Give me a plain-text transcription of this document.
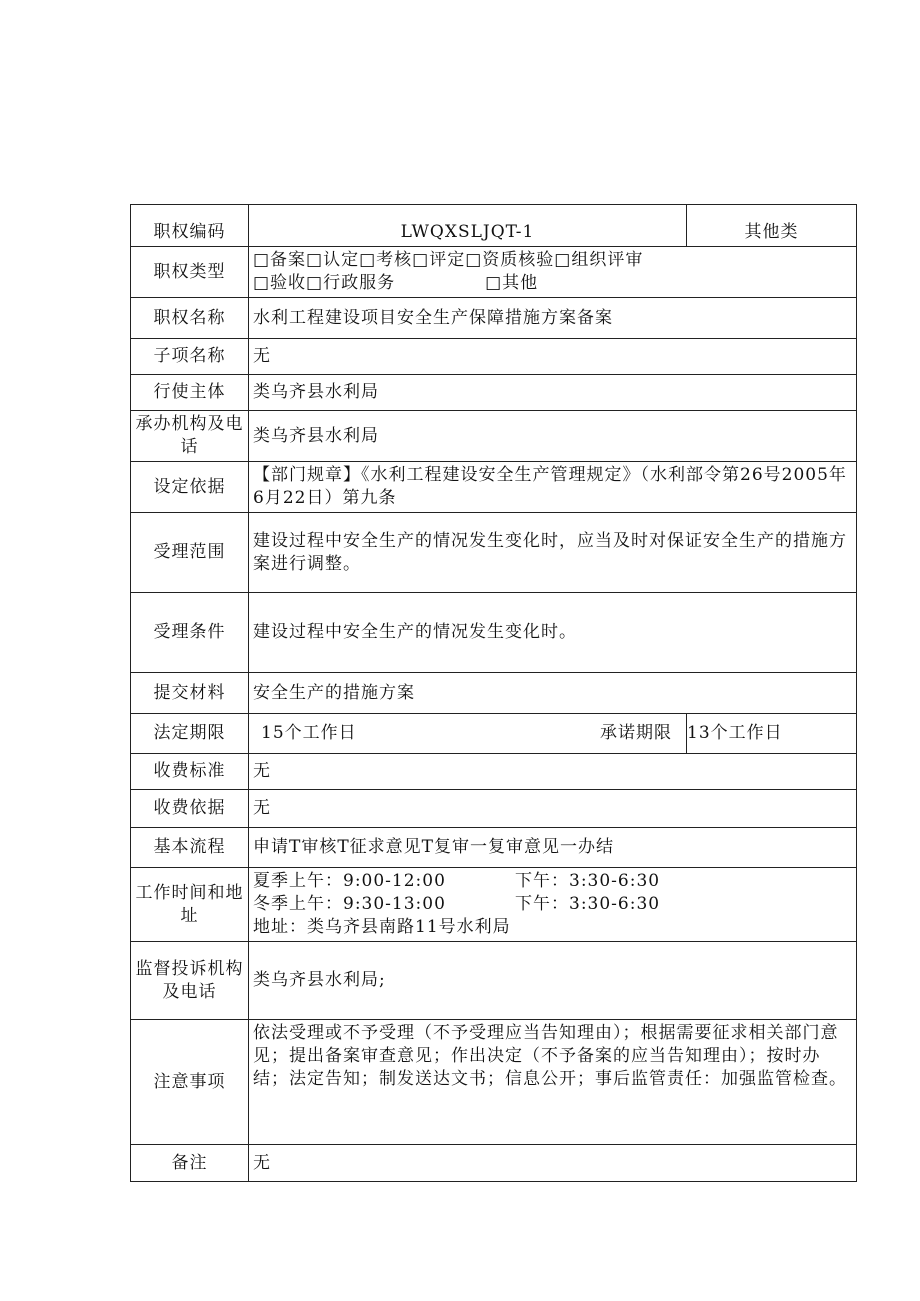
职权编码	LWQXSLJQT-1	其他类
职权类型	□备案□认定□考核□评定□资质核验□组织评审
□验收□行政服务　　　　　□其他	

职权名称	水利工程建设项目安全生产保障措施方案备案	
子项名称	无	
行使主体	类乌齐县水利局	
承办机构及电话	类乌齐县水利局	
设定依据	【部门规章】《水利工程建设安全生产管理规定》（水利部令第26号2005年6月22日）第九条	
受理范围	建设过程中安全生产的情况发生变化时，应当及时对保证安全生产的措施方案进行调整。	
受理条件	建设过程中安全生产的情况发生变化时。	
提交材料	安全生产的措施方案	
法定期限	15个工作日 承诺期限	13个工作日
收费标准	无	
收费依据	无	
基本流程	申请T审核T征求意见T复审一复审意见一办结	
工作时间和地址	夏季上午：9:00-12:00 下午：3:30-6:30
冬季上午：9:30-13:00 下午：3:30-6:30
地址：类乌齐县南路11号水利局	

监督投诉机构及电话	类乌齐县水利局;	
注意事项	依法受理或不予受理（不予受理应当告知理由）；根据需要征求相关部门意见；提出备案审查意见；作出决定（不予备案的应当告知理由）；按时办结；法定告知；制发送达文书；信息公开；事后监管责任：加强监管检查。	
备注	无	
